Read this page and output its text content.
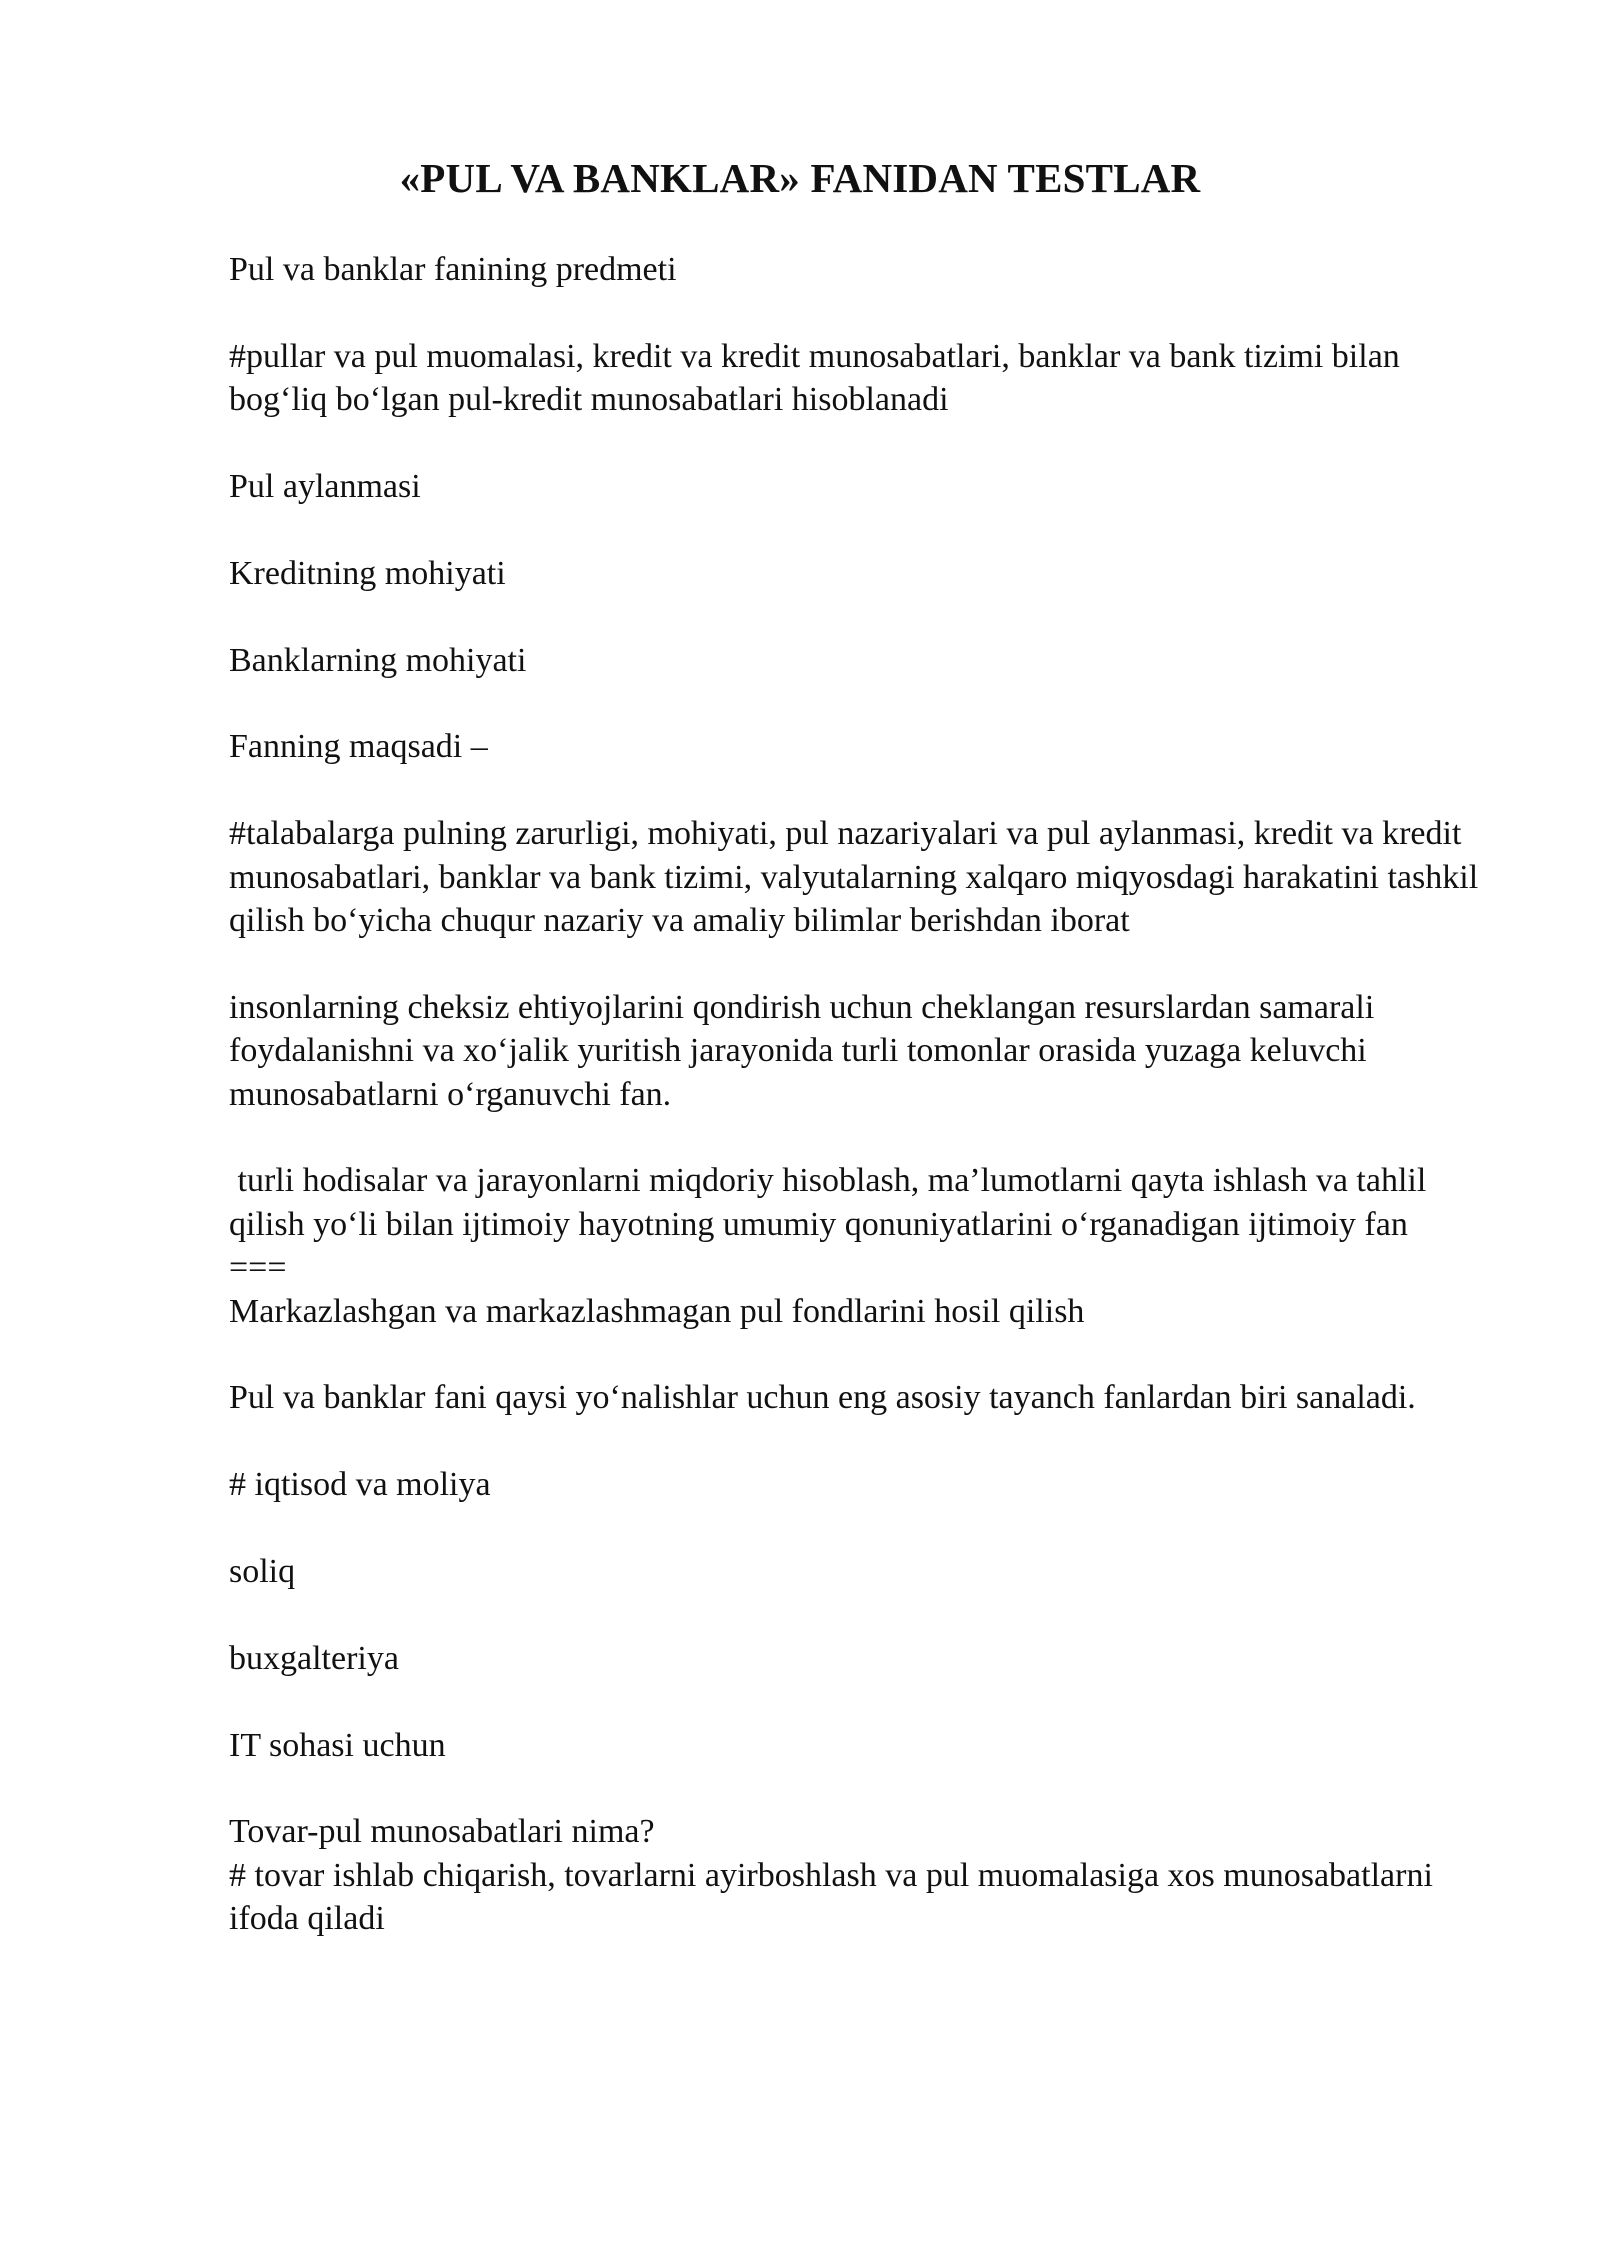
«PUL VA BANKLAR» FANIDAN TESTLAR

Pul va banklar fanining predmeti

#pullar va pul muomalasi, kredit va kredit munosabatlari, banklar va bank tizimi bilan bog‘liq bo‘lgan pul-kredit munosabatlari hisoblanadi

Pul aylanmasi

Kreditning mohiyati

Banklarning mohiyati

Fanning maqsadi –

#talabalarga pulning zarurligi, mohiyati, pul nazariyalari va pul aylanmasi, kredit va kredit munosabatlari, banklar va bank tizimi, valyutalarning xalqaro miqyosdagi harakatini tashkil qilish bo‘yicha chuqur nazariy va amaliy bilimlar berishdan iborat

insonlarning cheksiz ehtiyojlarini qondirish uchun cheklangan resurslardan samarali foydalanishni va xo‘jalik yuritish jarayonida turli tomonlar orasida yuzaga keluvchi munosabatlarni o‘rganuvchi fan.

turli hodisalar va jarayonlarni miqdoriy hisoblash, ma’lumotlarni qayta ishlash va tahlil qilish yo‘li bilan ijtimoiy hayotning umumiy qonuniyatlarini o‘rganadigan ijtimoiy fan

===

Markazlashgan va markazlashmagan pul fondlarini hosil qilish

Pul va banklar fani qaysi yo‘nalishlar uchun eng asosiy tayanch fanlardan biri sanaladi.

# iqtisod va moliya

soliq

buxgalteriya

IT sohasi uchun

Tovar-pul munosabatlari nima?

# tovar ishlab chiqarish, tovarlarni ayirboshlash va pul muomalasiga xos munosabatlarni ifoda qiladi
